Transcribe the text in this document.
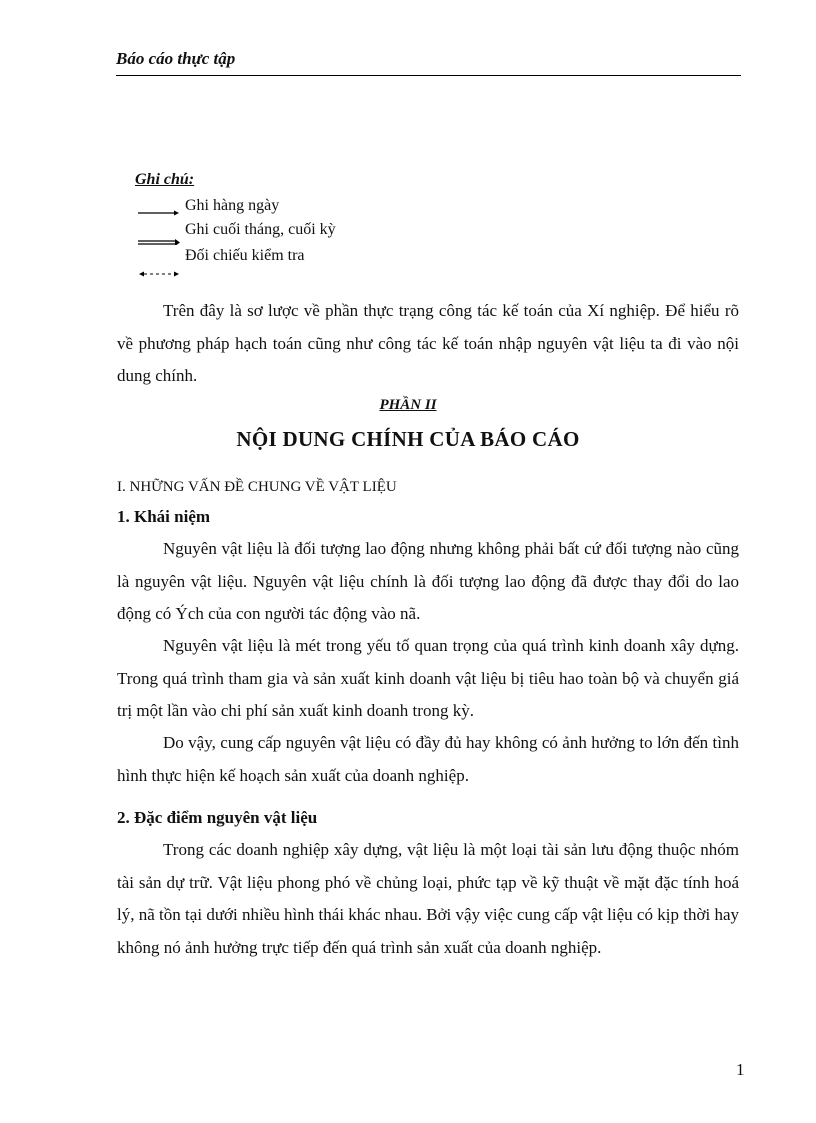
Báo cáo thực tập
Ghi chú:
Ghi hàng ngày
Ghi cuối tháng, cuối kỳ
Đối chiếu kiểm tra

Trên đây là sơ lược về phần thực trạng công tác kế toán của Xí nghiệp. Để hiểu rõ về phương pháp hạch toán cũng như công tác kế toán nhập nguyên vật liệu ta đi vào nội dung chính.

PHẦN II
NỘI DUNG CHÍNH CỦA BÁO CÁO
I. NHỮNG VẤN ĐỀ CHUNG VỀ VẬT LIỆU
1. Khái niệm

Nguyên vật liệu là đối tượng lao động nhưng không phải bất cứ đối tượng nào cũng là nguyên vật liệu. Nguyên vật liệu chính là đối tượng lao động đã được thay đổi do lao động có Ých của con người tác động vào nã.

Nguyên vật liệu là mét trong yếu tố quan trọng của quá trình kinh doanh xây dựng. Trong quá trình tham gia và sản xuất kinh doanh vật liệu bị tiêu hao toàn bộ và chuyển giá trị một lần vào chi phí sản xuất kinh doanh trong kỳ.

Do vậy, cung cấp nguyên vật liệu có đầy đủ hay không có ảnh hưởng to lớn đến tình hình thực hiện kế hoạch sản xuất của doanh nghiệp.

2. Đặc điểm nguyên vật liệu

Trong các doanh nghiệp xây dựng, vật liệu là một loại tài sản lưu động thuộc nhóm tài sản dự trữ. Vật liệu phong phó về chủng loại, phức tạp về kỹ thuật về mặt đặc tính hoá lý, nã tồn tại dưới nhiều hình thái khác nhau. Bởi vậy việc cung cấp vật liệu có kịp thời hay không nó ảnh hưởng trực tiếp đến quá trình sản xuất của doanh nghiệp.

1
